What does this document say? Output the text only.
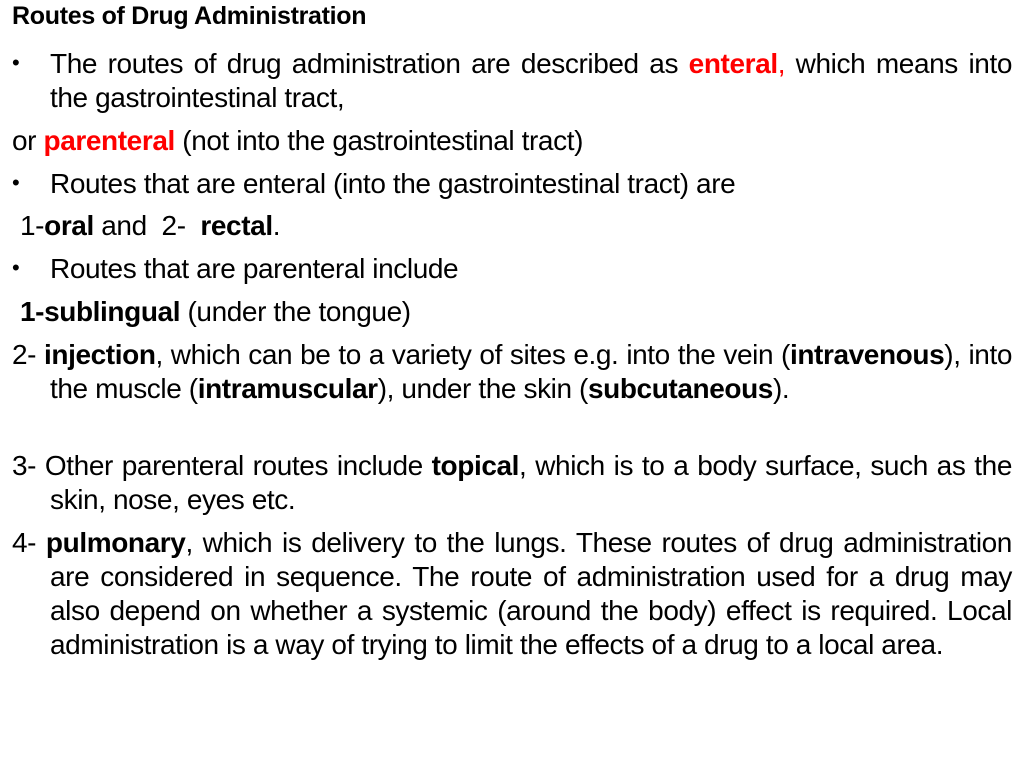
Routes of Drug Administration
• The routes of drug administration are described as enteral, which means into the gastrointestinal tract,
or parenteral (not into the gastrointestinal tract)
• Routes that are enteral (into the gastrointestinal tract) are
1-oral and  2-  rectal.
• Routes that are parenteral include
1-sublingual (under the tongue)
2- injection, which can be to a variety of sites e.g. into the vein (intravenous), into the muscle (intramuscular), under the skin (subcutaneous).
3- Other parenteral routes include topical, which is to a body surface, such as the skin, nose, eyes etc.
4- pulmonary, which is delivery to the lungs. These routes of drug administration are considered in sequence. The route of administration used for a drug may also depend on whether a systemic (around the body) effect is required. Local administration is a way of trying to limit the effects of a drug to a local area.
